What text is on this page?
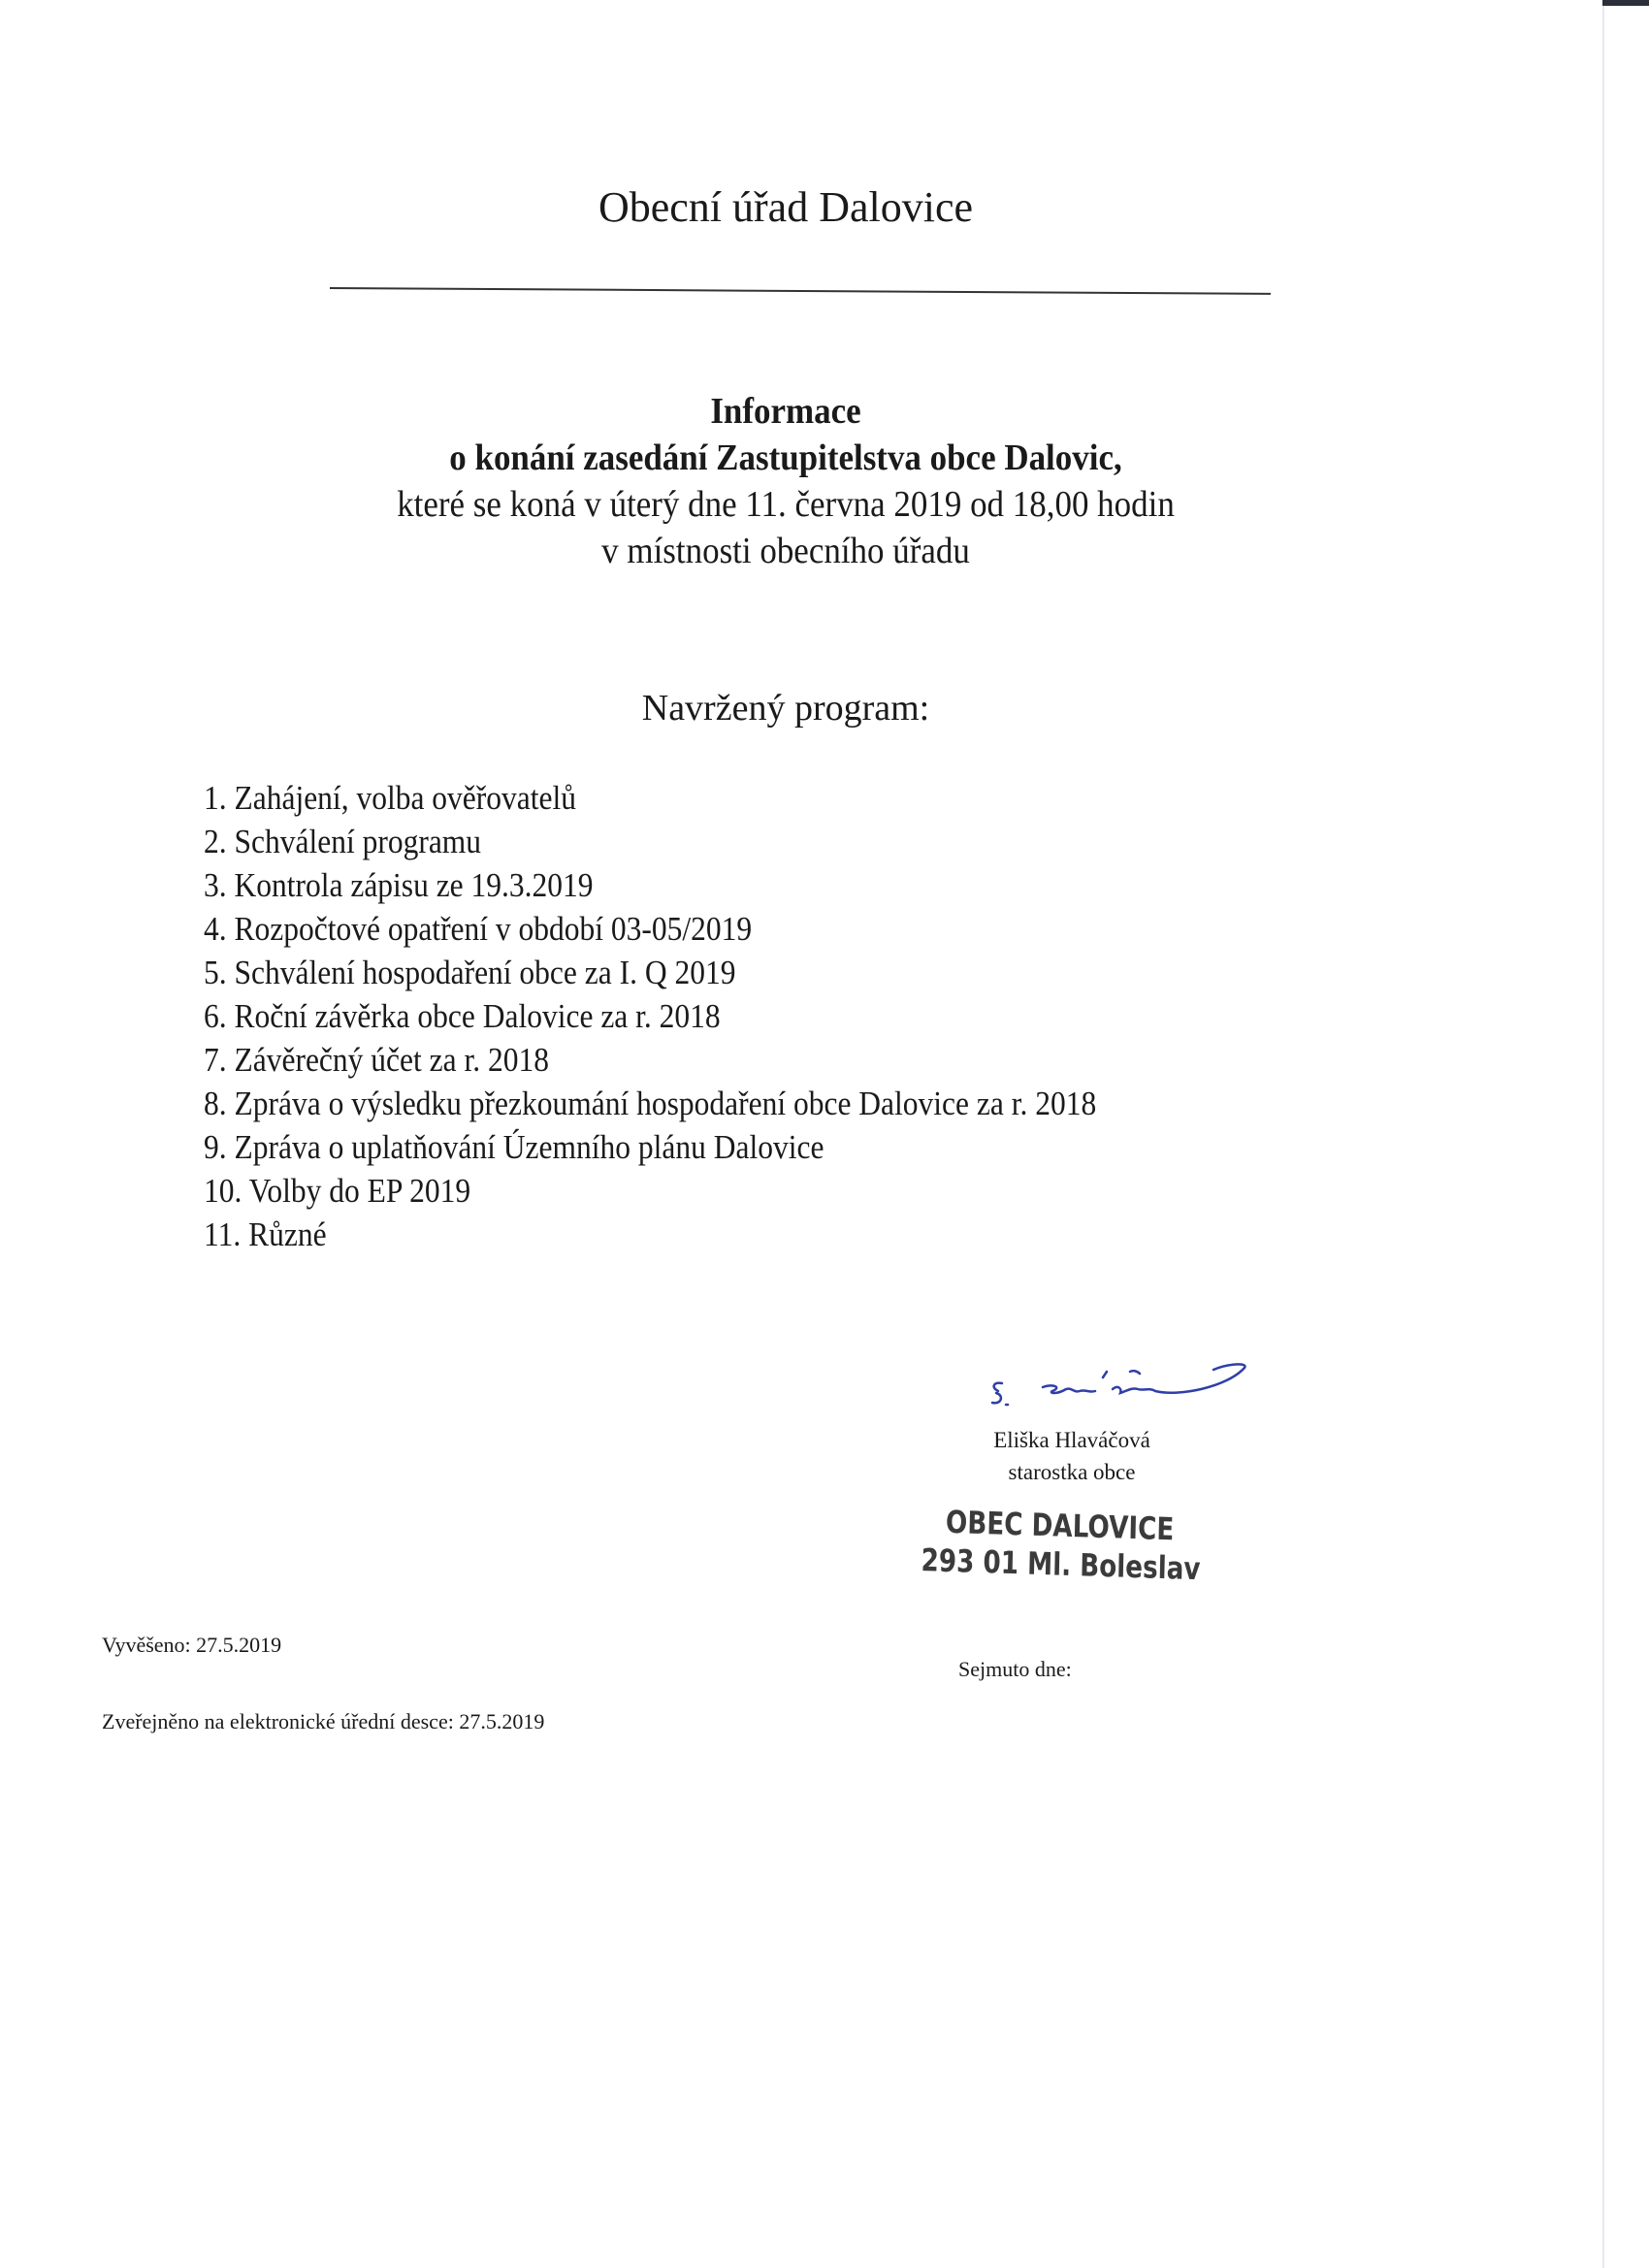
Obecní úřad Dalovice
Informace
o konání zasedání Zastupitelstva obce Dalovic,
které se koná v úterý dne 11. června 2019 od 18,00 hodin
v místnosti obecního úřadu
Navržený program:
1. Zahájení, volba ověřovatelů
2. Schválení programu
3. Kontrola zápisu ze 19.3.2019
4. Rozpočtové opatření v období 03-05/2019
5. Schválení hospodaření obce za I. Q 2019
6. Roční závěrka obce Dalovice za r. 2018
7. Závěrečný účet za r. 2018
8. Zpráva o výsledku přezkoumání hospodaření obce Dalovice za r. 2018
9. Zpráva o uplatňování Územního plánu Dalovice
10. Volby do EP 2019
11. Různé
Eliška Hlaváčová
starostka obce
OBEC DALOVICE
293 01 Ml. Boleslav
Vyvěšeno: 27.5.2019
Sejmuto dne:
Zveřejněno na elektronické úřední desce: 27.5.2019
